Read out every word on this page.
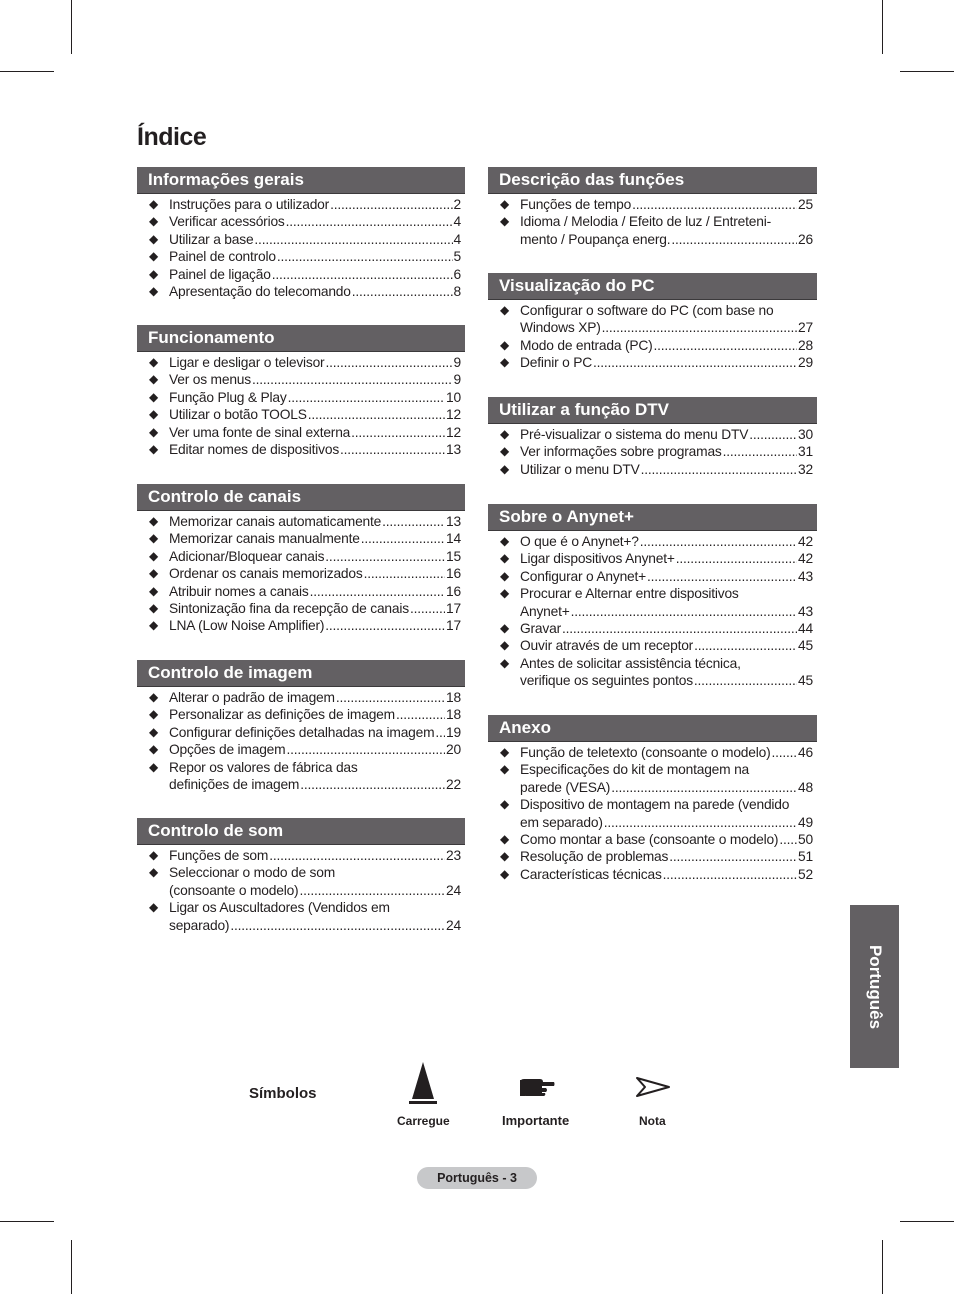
Índice
Informações gerais
◆ Instruções para o utilizador .....	2
◆ Verificar acessórios .....	4
◆ Utilizar a base .....	4
◆ Painel de controlo .....	5
◆ Painel de ligação .....	6
◆ Apresentação do telecomando .....	8
Funcionamento
◆ Ligar e desligar o televisor .....	9
◆ Ver os menus .....	9
◆ Função Plug & Play .....	10
◆ Utilizar o botão TOOLS .....	12
◆ Ver uma fonte de sinal externa .....	12
◆ Editar nomes de dispositivos .....	13
Controlo de canais
◆ Memorizar canais automaticamente .....	13
◆ Memorizar canais manualmente .....	14
◆ Adicionar/Bloquear canais .....	15
◆ Ordenar os canais memorizados .....	16
◆ Atribuir nomes a canais .....	16
◆ Sintonização fina da recepção de canais .....	17
◆ LNA (Low Noise Amplifier) .....	17
Controlo de imagem
◆ Alterar o padrão de imagem .....	18
◆ Personalizar as definições de imagem .....	18
◆ Configurar definições detalhadas na imagem ..... 19
◆ Opções de imagem .....	20
◆ Repor os valores de fábrica das
definições de imagem .....	22
Controlo de som
◆ Funções de som .....	23
◆ Seleccionar o modo de som
(consoante o modelo) .....	24
◆ Ligar os Auscultadores (Vendidos em
separado) .....	24
Descrição das funções
◆ Funções de tempo .....	25
◆ Idioma / Melodia / Efeito de luz / Entreteni-
mento / Poupança energ. .....	26
Visualização do PC
◆ Configurar o software do PC (com base no
Windows XP) .....	27
◆ Modo de entrada (PC) .....	28
◆ Definir o PC .....	29
Utilizar a função DTV
◆ Pré-visualizar o sistema do menu DTV .....	30
◆ Ver informações sobre programas .....	31
◆ Utilizar o menu DTV .....	32
Sobre o Anynet+
◆ O que é o Anynet+? .....	42
◆ Ligar dispositivos Anynet+ .....	42
◆ Configurar o Anynet+ .....	43
◆ Procurar e Alternar entre dispositivos
Anynet+ .....	43
◆ Gravar .....	44
◆ Ouvir através de um receptor .....	45
◆ Antes de solicitar assistência técnica,
verifique os seguintes pontos .....	45
Anexo
◆ Função de teletexto (consoante o modelo) ..... 46
◆ Especificações do kit de montagem na
parede (VESA) .....	48
◆ Dispositivo de montagem na parede (vendido
em separado) .....	49
◆ Como montar a base (consoante o modelo) ..... 50
◆ Resolução de problemas .....	51
◆ Características técnicas .....	52
Português
Símbolos
Carregue	Importante	Nota
Português - 3
